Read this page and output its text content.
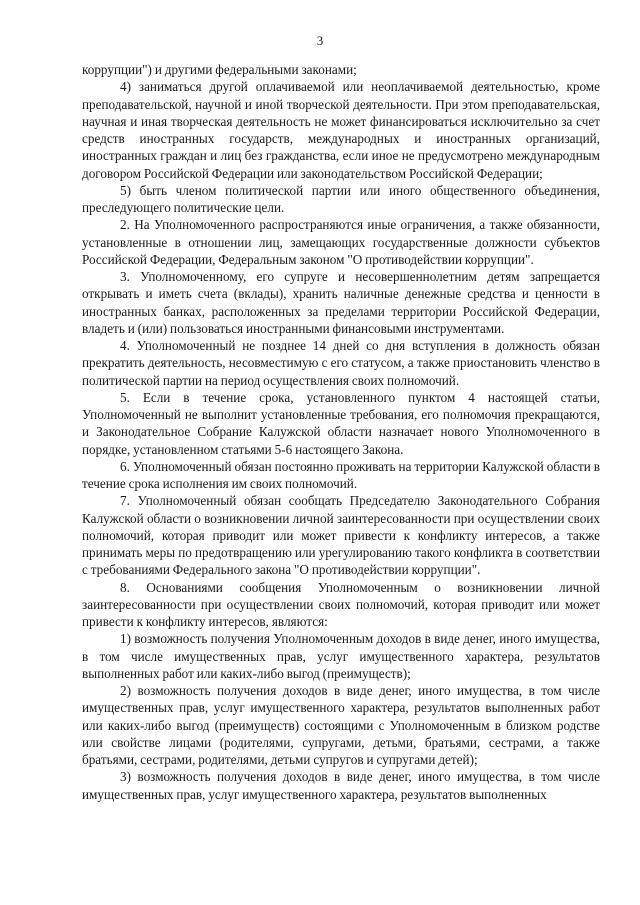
3

коррупции") и другими федеральными законами;

4) заниматься другой оплачиваемой или неоплачиваемой деятельностью, кроме преподавательской, научной и иной творческой деятельности. При этом преподавательская, научная и иная творческая деятельность не может финансироваться исключительно за счет средств иностранных государств, международных и иностранных организаций, иностранных граждан и лиц без гражданства, если иное не предусмотрено международным договором Российской Федерации или законодательством Российской Федерации;

5) быть членом политической партии или иного общественного объединения, преследующего политические цели.

2. На Уполномоченного распространяются иные ограничения, а также обязанности, установленные в отношении лиц, замещающих государственные должности субъектов Российской Федерации, Федеральным законом "О противодействии коррупции".

3. Уполномоченному, его супруге и несовершеннолетним детям запрещается открывать и иметь счета (вклады), хранить наличные денежные средства и ценности в иностранных банках, расположенных за пределами территории Российской Федерации, владеть и (или) пользоваться иностранными финансовыми инструментами.

4. Уполномоченный не позднее 14 дней со дня вступления в должность обязан прекратить деятельность, несовместимую с его статусом, а также приостановить членство в политической партии на период осуществления своих полномочий.

5. Если в течение срока, установленного пунктом 4 настоящей статьи, Уполномоченный не выполнит установленные требования, его полномочия прекращаются, и Законодательное Собрание Калужской области назначает нового Уполномоченного в порядке, установленном статьями 5-6 настоящего Закона.

6. Уполномоченный обязан постоянно проживать на территории Калужской области в течение срока исполнения им своих полномочий.

7. Уполномоченный обязан сообщать Председателю Законодательного Собрания Калужской области о возникновении личной заинтересованности при осуществлении своих полномочий, которая приводит или может привести к конфликту интересов, а также принимать меры по предотвращению или урегулированию такого конфликта в соответствии с требованиями Федерального закона "О противодействии коррупции".

8. Основаниями сообщения Уполномоченным о возникновении личной заинтересованности при осуществлении своих полномочий, которая приводит или может привести к конфликту интересов, являются:

1) возможность получения Уполномоченным доходов в виде денег, иного имущества, в том числе имущественных прав, услуг имущественного характера, результатов выполненных работ или каких-либо выгод (преимуществ);

2) возможность получения доходов в виде денег, иного имущества, в том числе имущественных прав, услуг имущественного характера, результатов выполненных работ или каких-либо выгод (преимуществ) состоящими с Уполномоченным в близком родстве или свойстве лицами (родителями, супругами, детьми, братьями, сестрами, а также братьями, сестрами, родителями, детьми супругов и супругами детей);

3) возможность получения доходов в виде денег, иного имущества, в том числе имущественных прав, услуг имущественного характера, результатов выполненных
